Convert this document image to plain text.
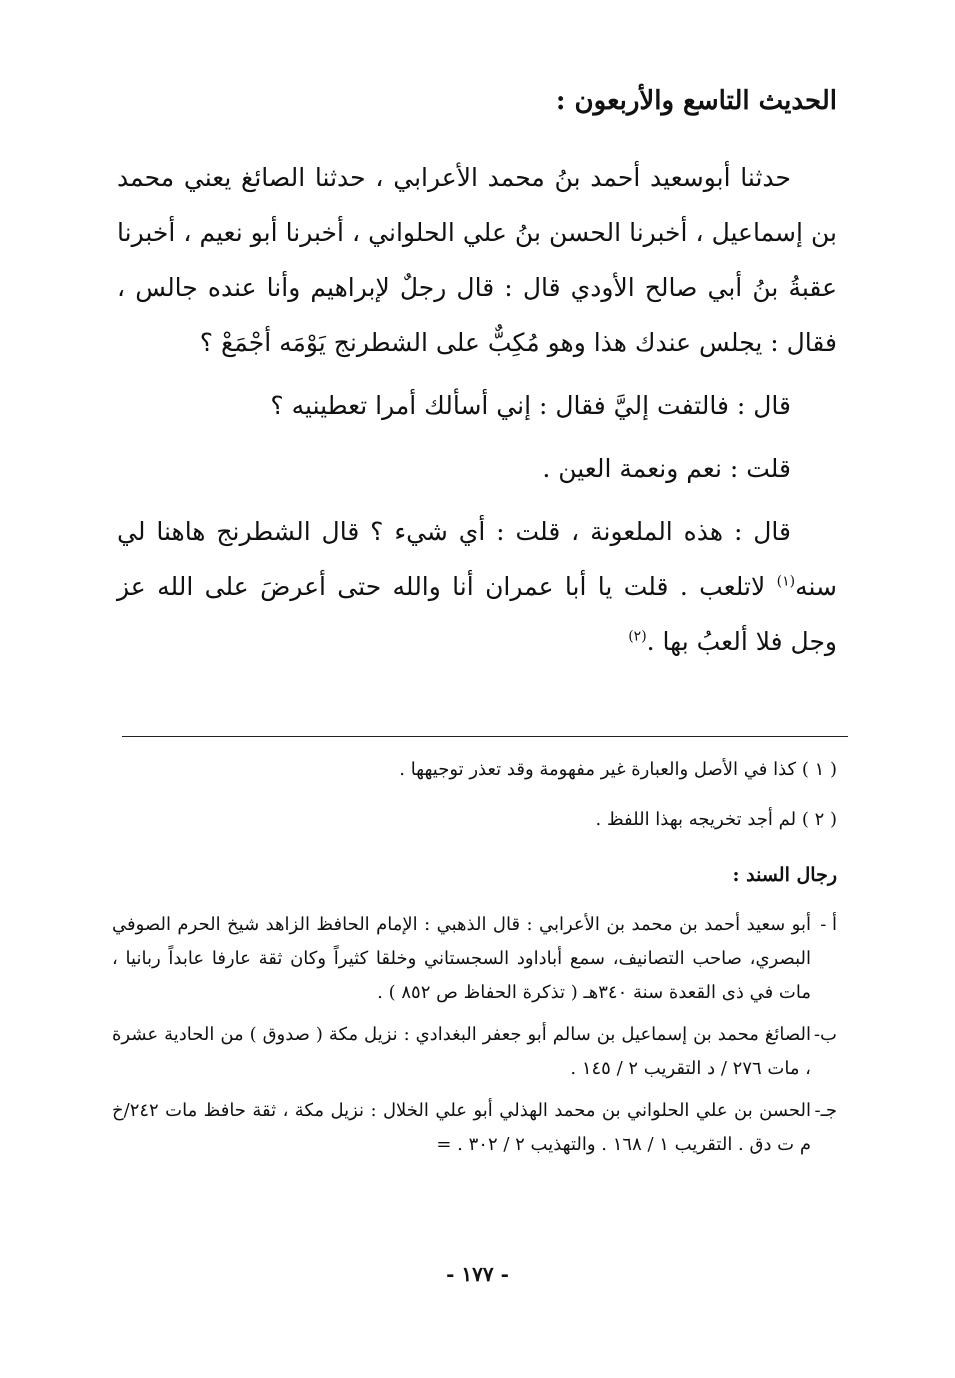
الحديث التاسع والأربعون :

حدثنا أبوسعيد أحمد بنُ محمد الأعرابي ، حدثنا الصائغ يعني محمد بن إسماعيل ، أخبرنا الحسن بنُ علي الحلواني ، أخبرنا أبو نعيم ، أخبرنا عقبةُ بنُ أبي صالح الأودي قال : قال رجلٌ لإبراهيم وأنا عنده جالس ، فقال : يجلس عندك هذا وهو مُكِبٌّ على الشطرنج يَوْمَه أجْمَعْ ؟

قال : فالتفت إليَّ فقال : إني أسألك أمرا تعطينيه ؟

قلت : نعم ونعمة العين .

قال : هذه الملعونة ، قلت : أي شيء ؟ قال الشطرنج هاهنا لي سنه$^{(١)}$ لاتلعب . قلت يا أبا عمران أنا والله حتى أعرضَ على الله عز وجل فلا ألعبُ بها .$^{(٢)}$

( ١ ) كذا في الأصل والعبارة غير مفهومة وقد تعذر توجيهها .

( ٢ ) لم أجد تخريجه بهذا اللفظ .

رجال السند :
أ -
أبو سعيد أحمد بن محمد بن الأعرابي : قال الذهبي : الإمام الحافظ الزاهد شيخ الحرم الصوفي البصري، صاحب التصانيف، سمع أباداود السجستاني وخلقا كثيراً وكان ثقة عارفا عابداً ربانيا ، مات في ذى القعدة سنة ٣٤٠هـ ( تذكرة الحفاظ ص ٨٥٢ ) .
ب-
الصائغ محمد بن إسماعيل بن سالم أبو جعفر البغدادي : نزيل مكة ( صدوق ) من الحادية عشرة ، مات ٢٧٦ / د التقريب ٢ / ١٤٥ .
جـ-
الحسن بن علي الحلواني بن محمد الهذلي أبو علي الخلال : نزيل مكة ، ثقة حافظ مات ٢٤٢/خ م ت دق . التقريب ١ / ١٦٨ . والتهذيب ٢ / ٣٠٢ . =
- ١٧٧ -
